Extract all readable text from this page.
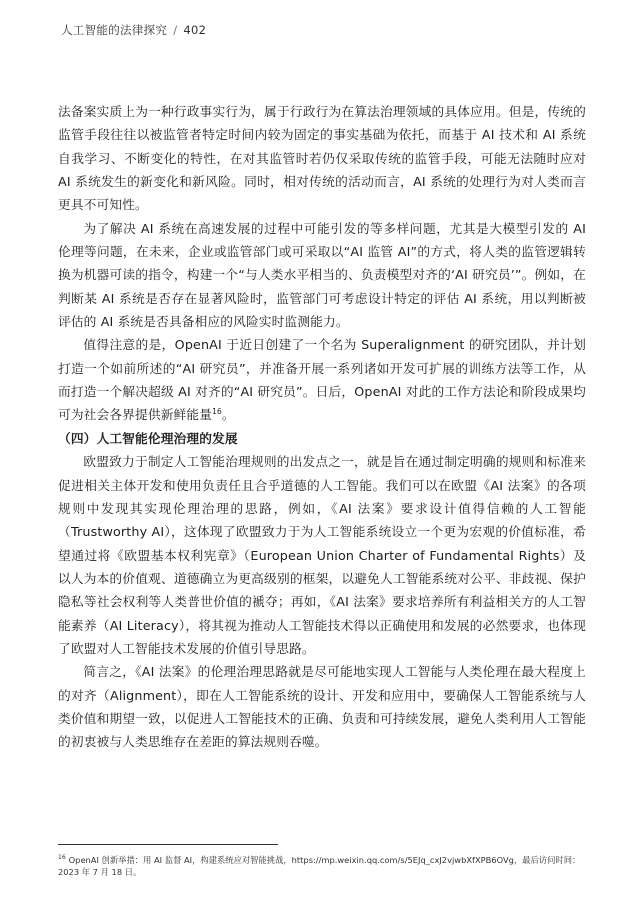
人工智能的法律探究 / 402

法备案实质上为一种行政事实行为，属于行政行为在算法治理领域的具体应用。但是，传统的监管手段往往以被监管者特定时间内较为固定的事实基础为依托，而基于 AI 技术和 AI 系统自我学习、不断变化的特性，在对其监管时若仍仅采取传统的监管手段，可能无法随时应对 AI 系统发生的新变化和新风险。同时，相对传统的活动而言，AI 系统的处理行为对人类而言更具不可知性。

为了解决 AI 系统在高速发展的过程中可能引发的等多样问题，尤其是大模型引发的 AI 伦理等问题，在未来，企业或监管部门或可采取以“AI 监管 AI”的方式，将人类的监管逻辑转换为机器可读的指令，构建一个“与人类水平相当的、负责模型对齐的‘AI 研究员’”。例如，在判断某 AI 系统是否存在显著风险时，监管部门可考虑设计特定的评估 AI 系统，用以判断被评估的 AI 系统是否具备相应的风险实时监测能力。

值得注意的是，OpenAI 于近日创建了一个名为 Superalignment 的研究团队，并计划打造一个如前所述的“AI 研究员”，并准备开展一系列诸如开发可扩展的训练方法等工作，从而打造一个解决超级 AI 对齐的“AI 研究员”。日后，OpenAI 对此的工作方法论和阶段成果均可为社会各界提供新鲜能量$^{16}$。

（四）人工智能伦理治理的发展

欧盟致力于制定人工智能治理规则的出发点之一，就是旨在通过制定明确的规则和标准来促进相关主体开发和使用负责任且合乎道德的人工智能。我们可以在欧盟《AI 法案》的各项规则中发现其实现伦理治理的思路，例如，《AI 法案》要求设计值得信赖的人工智能（Trustworthy AI），这体现了欧盟致力于为人工智能系统设立一个更为宏观的价值标准，希望通过将《欧盟基本权利宪章》（European Union Charter of Fundamental Rights）及以人为本的价值观、道德确立为更高级别的框架，以避免人工智能系统对公平、非歧视、保护隐私等社会权利等人类普世价值的褫夺；再如，《AI 法案》要求培养所有利益相关方的人工智能素养（AI Literacy），将其视为推动人工智能技术得以正确使用和发展的必然要求，也体现了欧盟对人工智能技术发展的价值引导思路。

简言之，《AI 法案》的伦理治理思路就是尽可能地实现人工智能与人类伦理在最大程度上的对齐（Alignment），即在人工智能系统的设计、开发和应用中，要确保人工智能系统与人类价值和期望一致，以促进人工智能技术的正确、负责和可持续发展，避免人类利用人工智能的初衷被与人类思维存在差距的算法规则吞噬。

$^{16}$ OpenAI 创新举措：用 AI 监督 AI，构建系统应对智能挑战，https://mp.weixin.qq.com/s/5EJq_cxJ2vjwbXfXPB6OVg，最后访问时间：2023 年 7 月 18 日。
